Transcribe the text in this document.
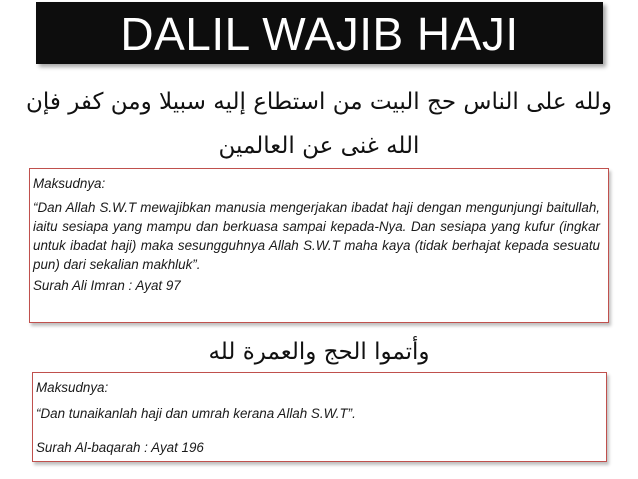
DALIL WAJIB HAJI
ولله على الناس حج البيت من استطاع إليه سبيلا ومن كفر فإن الله غنى عن العالمين

Maksudnya:

“Dan Allah S.W.T mewajibkan manusia mengerjakan ibadat haji dengan mengunjungi baitullah, iaitu sesiapa yang mampu dan berkuasa sampai kepada-Nya. Dan sesiapa yang kufur (ingkar untuk ibadat haji) maka sesungguhnya Allah S.W.T maha kaya (tidak berhajat kepada sesuatu pun) dari sekalian makhluk”.

Surah Ali Imran : Ayat 97

وأتموا الحج والعمرة لله

Maksudnya:

“Dan tunaikanlah haji dan umrah kerana Allah S.W.T”.

Surah Al-baqarah : Ayat 196
